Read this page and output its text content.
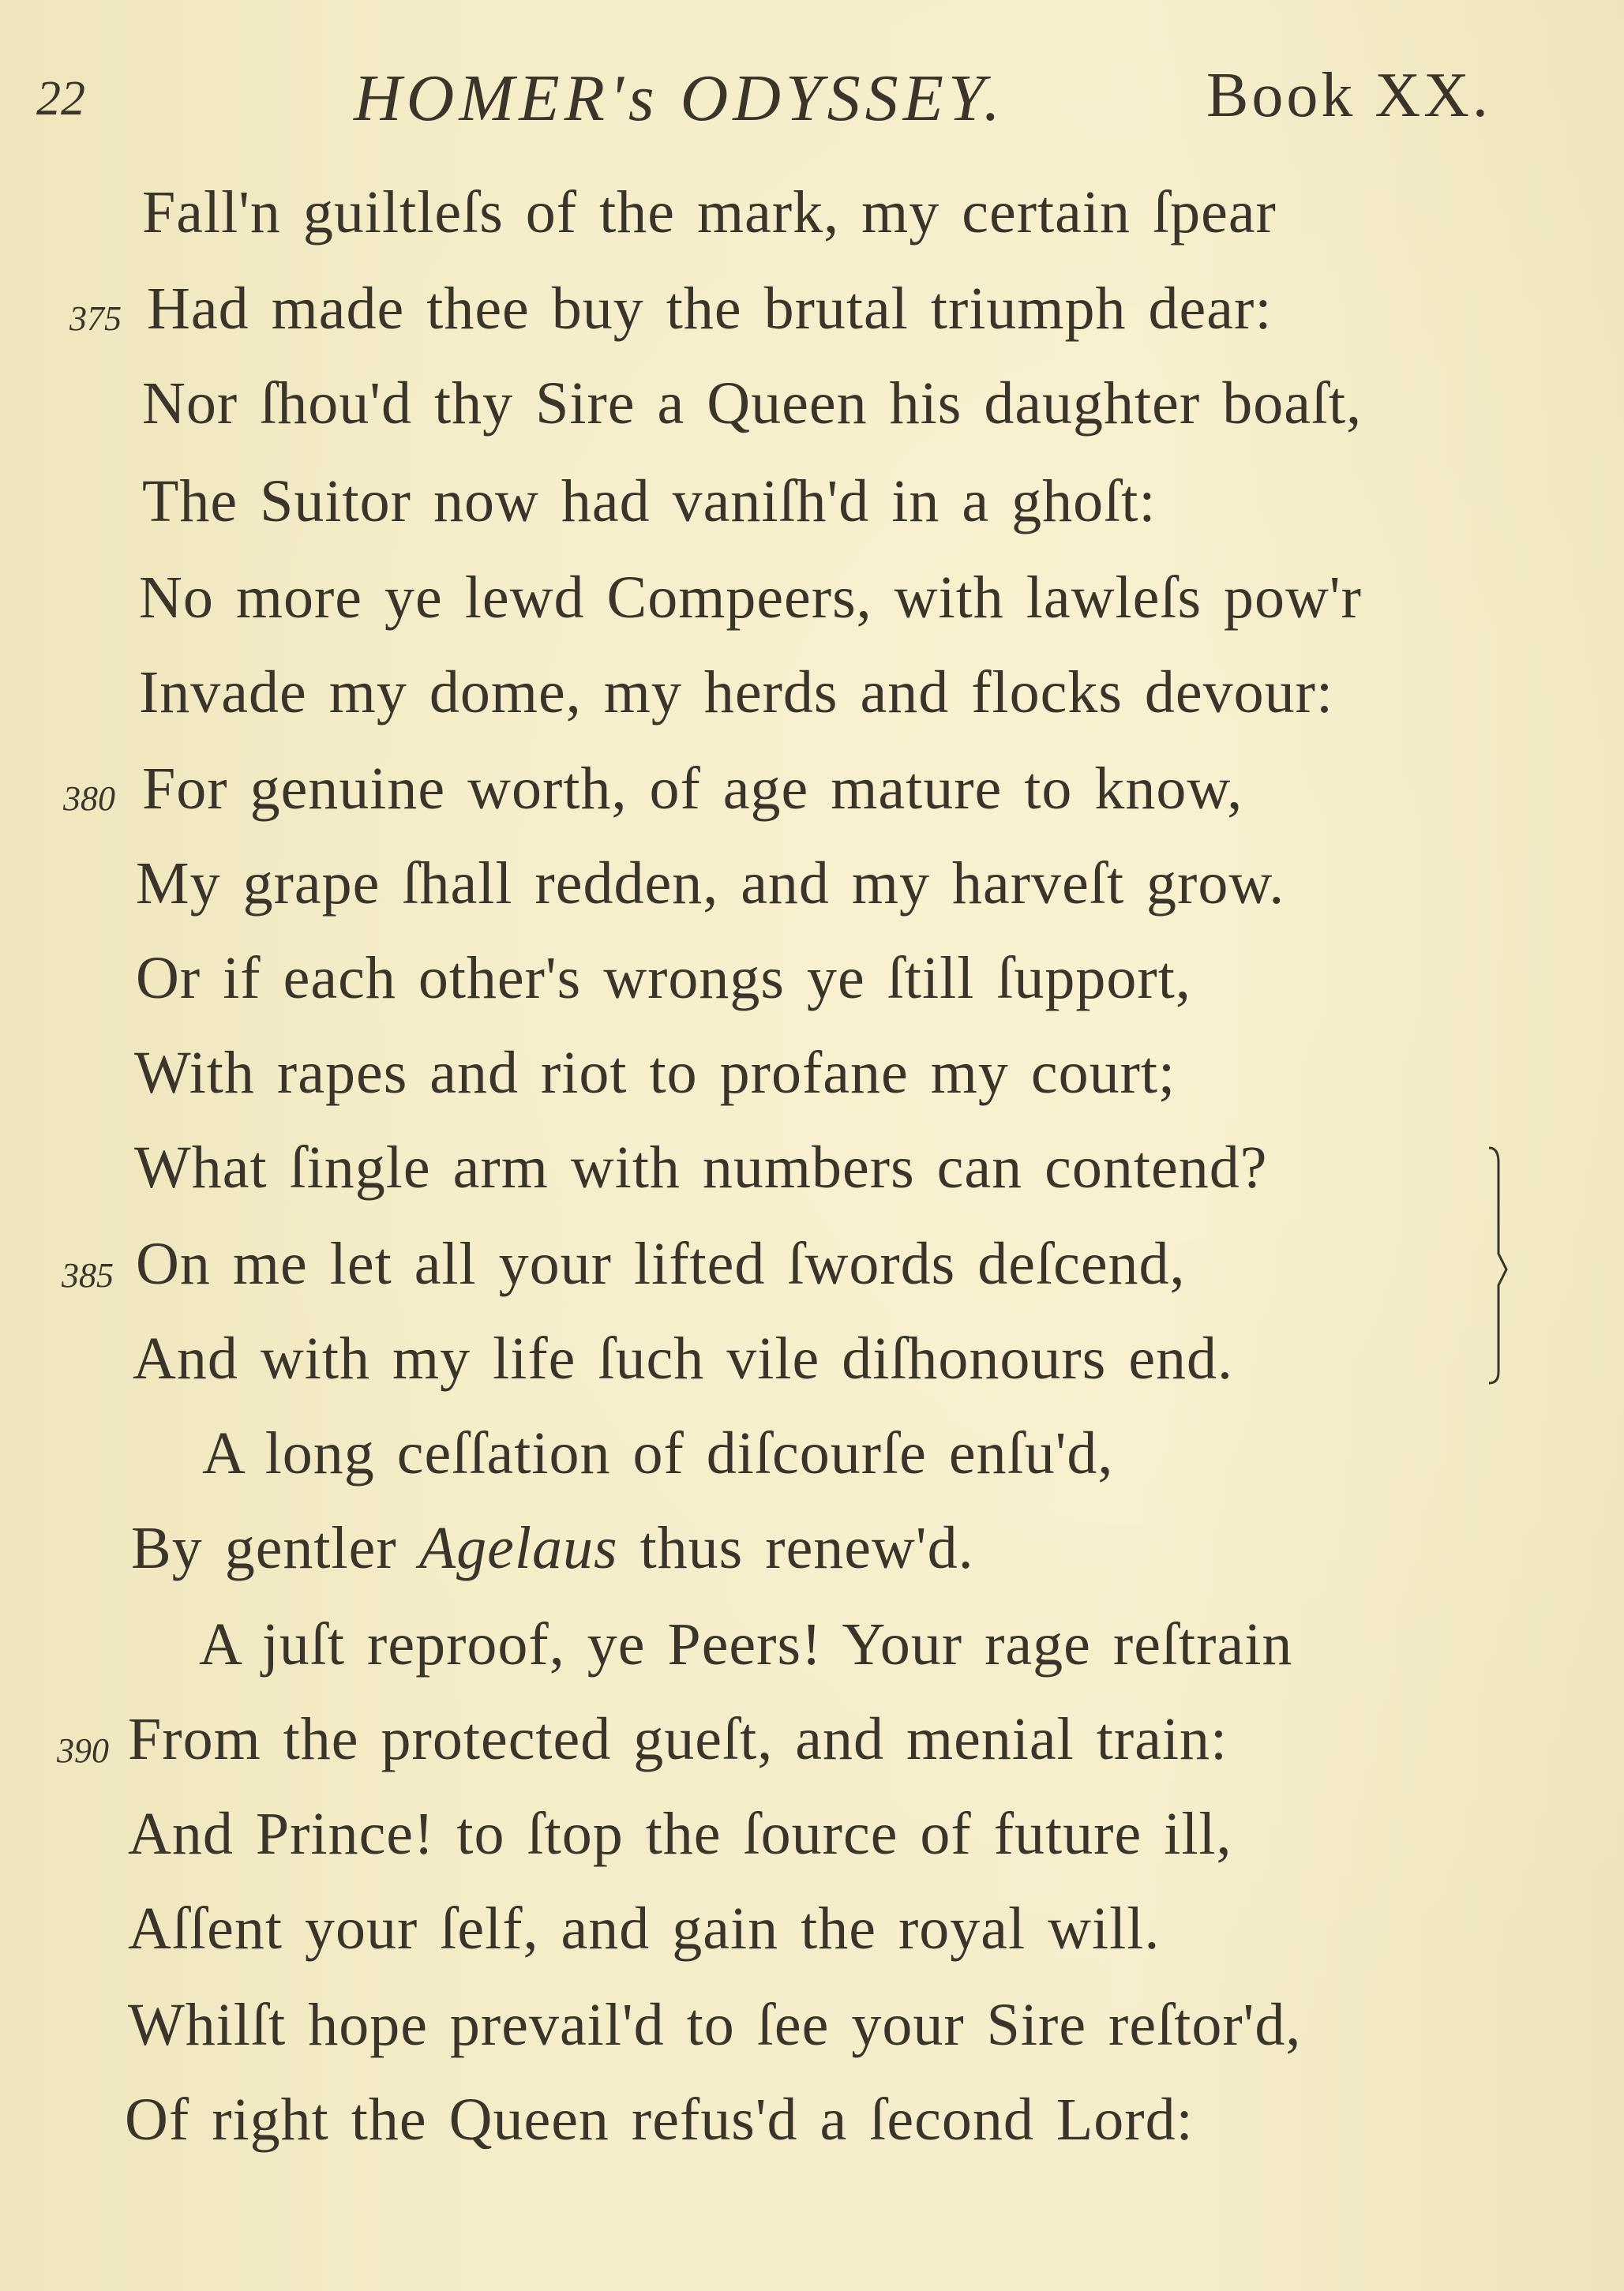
22	HOMER's ODYSSEY.	Book XX.
Fall'n guiltleſs of the mark, my certain ſpear
375 Had made thee buy the brutal triumph dear:
Nor ſhou'd thy Sire a Queen his daughter boaſt,
The Suitor now had vaniſh'd in a ghoſt:
No more ye lewd Compeers, with lawleſs pow'r
Invade my dome, my herds and flocks devour:
380 For genuine worth, of age mature to know,
My grape ſhall redden, and my harveſt grow.
Or if each other's wrongs ye ſtill ſupport,
With rapes and riot to profane my court;
What ſingle arm with numbers can contend?
385 On me let all your lifted ſwords deſcend,
And with my life ſuch vile diſhonours end.
A long ceſſation of diſcourſe enſu'd,
By gentler Agelaus thus renew'd.
A juſt reproof, ye Peers! Your rage reſtrain
390 From the protected gueſt, and menial train:
And Prince! to ſtop the ſource of future ill,
Aſſent your ſelf, and gain the royal will.
Whilſt hope prevail'd to ſee your Sire reſtor'd,
Of right the Queen refus'd a ſecond Lord:
